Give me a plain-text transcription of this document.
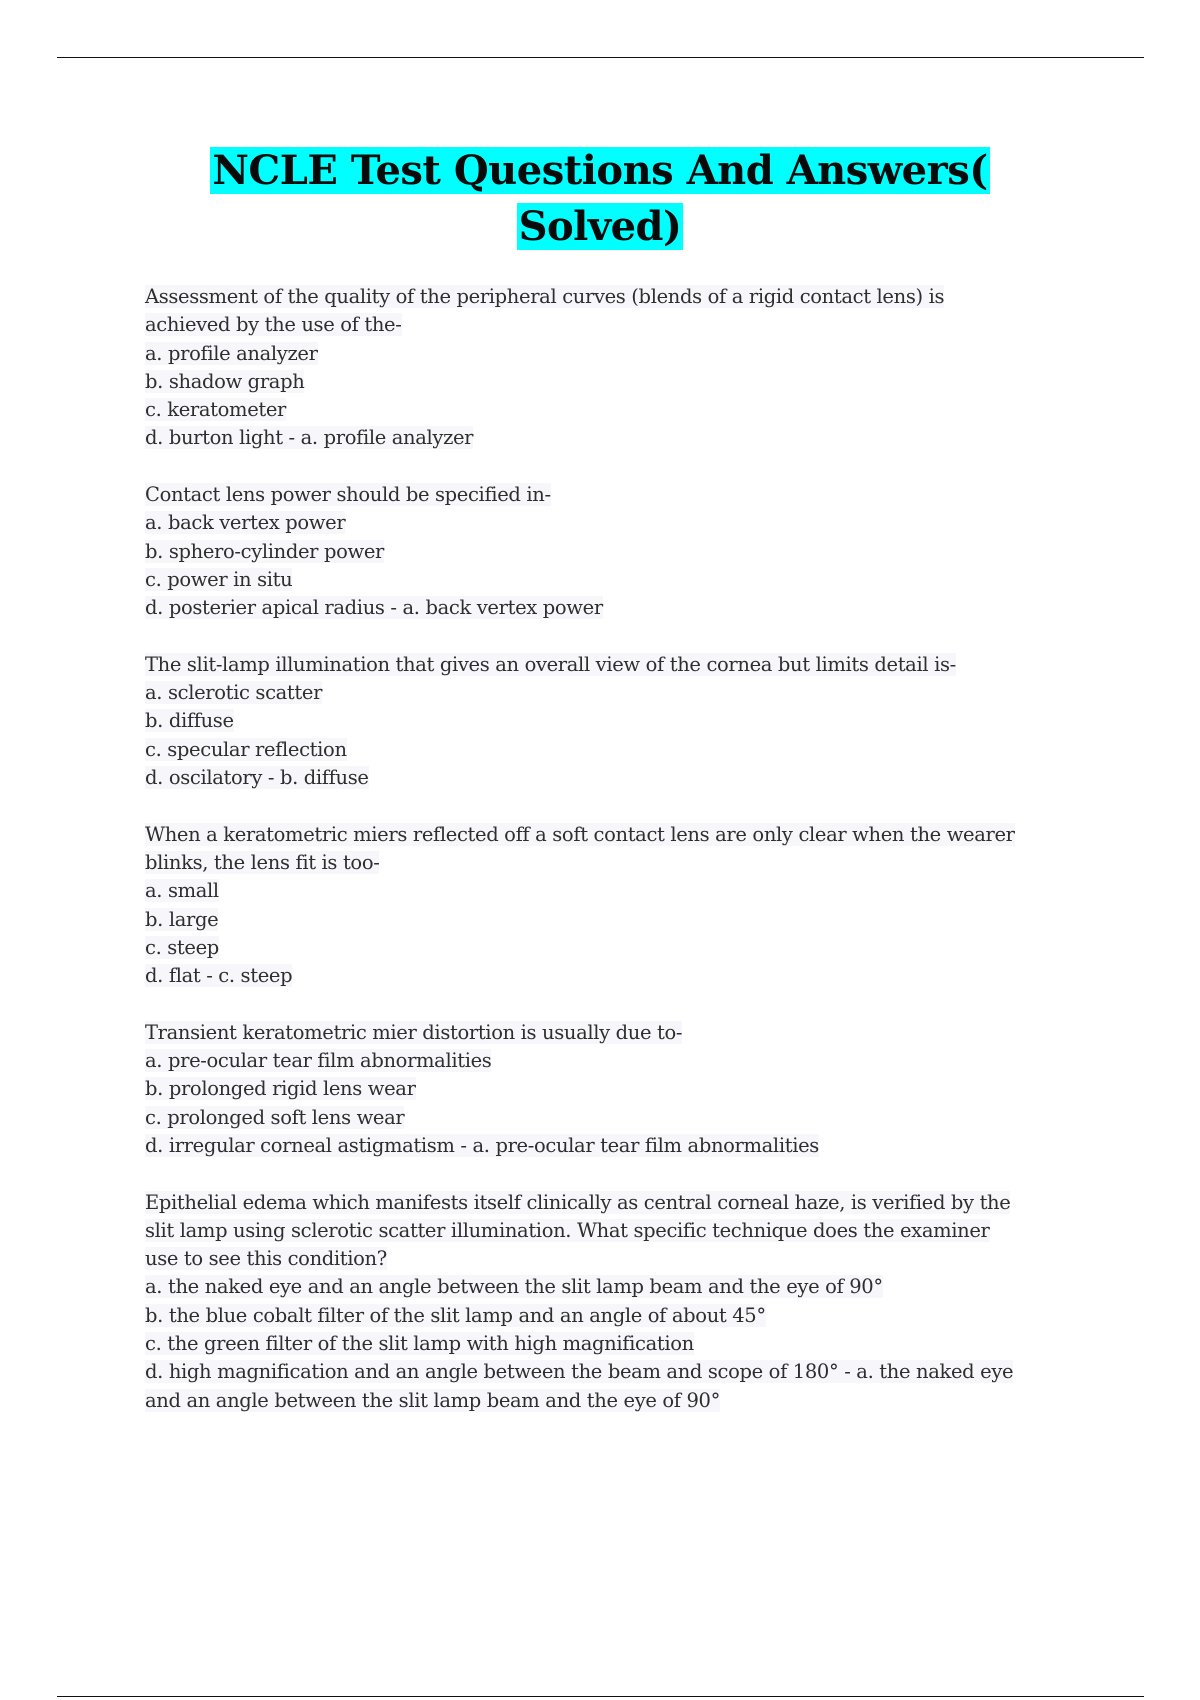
NCLE Test Questions And Answers(
Solved)
Assessment of the quality of the peripheral curves (blends of a rigid contact lens) is
achieved by the use of the-
a. profile analyzer
b. shadow graph
c. keratometer
d. burton light - a. profile analyzer
Contact lens power should be specified in-
a. back vertex power
b. sphero-cylinder power
c. power in situ
d. posterier apical radius - a. back vertex power
The slit-lamp illumination that gives an overall view of the cornea but limits detail is-
a. sclerotic scatter
b. diffuse
c. specular reflection
d. oscilatory - b. diffuse
When a keratometric miers reflected off a soft contact lens are only clear when the wearer
blinks, the lens fit is too-
a. small
b. large
c. steep
d. flat - c. steep
Transient keratometric mier distortion is usually due to-
a. pre-ocular tear film abnormalities
b. prolonged rigid lens wear
c. prolonged soft lens wear
d. irregular corneal astigmatism - a. pre-ocular tear film abnormalities
Epithelial edema which manifests itself clinically as central corneal haze, is verified by the
slit lamp using sclerotic scatter illumination. What specific technique does the examiner
use to see this condition?
a. the naked eye and an angle between the slit lamp beam and the eye of 90°
b. the blue cobalt filter of the slit lamp and an angle of about 45°
c. the green filter of the slit lamp with high magnification
d. high magnification and an angle between the beam and scope of 180° - a. the naked eye
and an angle between the slit lamp beam and the eye of 90°
